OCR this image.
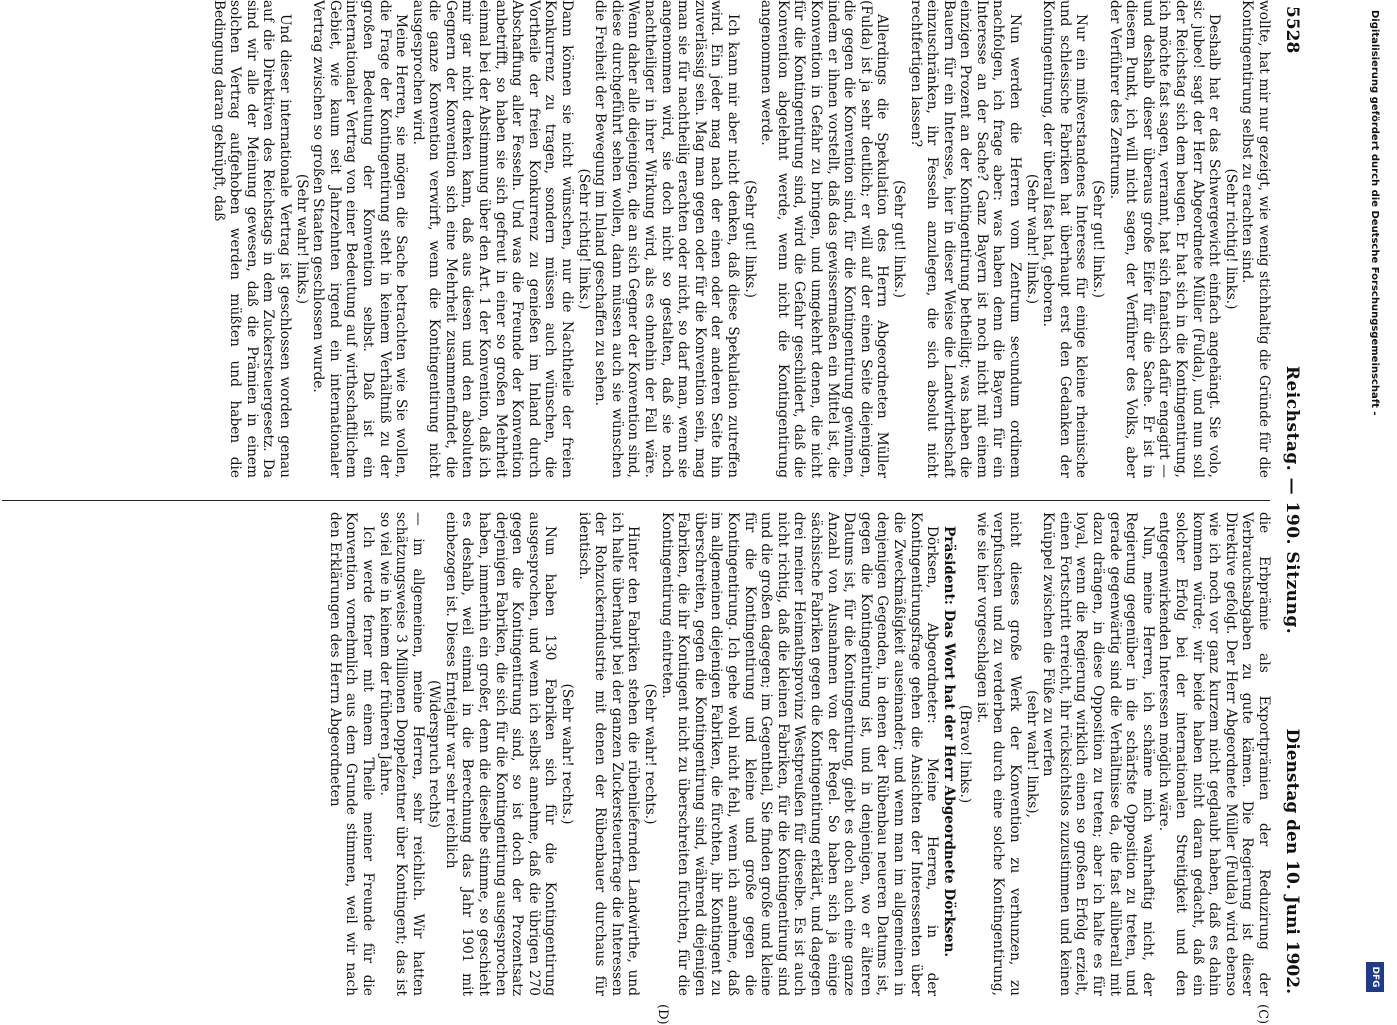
5528
Reichstag. — 190. Sitzung.
Dienstag den 10. Juni 1902.
(C)
(D)

wollte, hat mir nur gezeigt, wie wenig stichhaltig die Gründe für die Kontingentirung selbst zu erachten sind.

(Sehr richtig! links.)

Deshalb hat er das Schwergewicht einfach angehängt. Sie volo, sic jubeo! sagt der Herr Abgeordnete Müller (Fulda), und nun soll der Reichstag sich dem beugen. Er hat sich in die Kontingentirung, ich möchte fast sagen, verrannt, hat sich fanatisch dafür engagirt — und deshalb dieser überaus große Eifer für die Sache. Er ist in diesem Punkt, ich will nicht sagen, der Verführer des Volks, aber der Verführer des Zentrums.

(Sehr gut! links.)

Nur ein mißverstandenes Interesse für einige kleine rheinische und schlesische Fabriken hat überhaupt erst den Gedanken der Kontingentirung, der überall fast hat, geboren.

(Sehr wahr! links.)

Nun werden die Herren vom Zentrum secundum ordinem nachfolgen, ich frage aber: was haben denn die Bayern für ein Interesse an der Sache? Ganz Bayern ist noch nicht mit einem einzigen Prozent an der Kontingentirung betheiligt; was haben die Bauern für ein Interesse, hier in dieser Weise die Landwirthschaft einzuschränken, ihr Fesseln anzulegen, die sich absolut nicht rechtfertigen lassen?

(Sehr gut! links.)

Allerdings die Spekulation des Herrn Abgeordneten Müller (Fulda) ist ja sehr deutlich; er will auf der einen Seite diejenigen, die gegen die Konvention sind, für die Kontingentirung gewinnen, indem er ihnen vorstellt, daß das gewissermaßen ein Mittel ist, die Konvention in Gefahr zu bringen, und umgekehrt denen, die nicht für die Kontingentirung sind, wird die Gefahr geschildert, daß die Konvention abgelehnt werde, wenn nicht die Kontingentirung angenommen werde.

(Sehr gut! links.)

Ich kann mir aber nicht denken, daß diese Spekulation zutreffen wird. Ein jeder mag nach der einen oder der anderen Seite hin zuverlässig sein. Mag man gegen oder für die Konvention sein, mag man sie für nachtheilig erachten oder nicht, so darf man, wenn sie angenommen wird, sie doch nicht so gestalten, daß sie noch nachtheiliger in ihrer Wirkung wird, als es ohnehin der Fall wäre. Wenn daher alle diejenigen, die an sich Gegner der Konvention sind, diese durchgeführt sehen wollen, dann müssen auch sie wünschen die Freiheit der Bewegung im Inland geschaffen zu sehen.

(Sehr richtig! links.)

Dann können sie nicht wünschen, nur die Nachtheile der freien Konkurrenz zu tragen, sondern müssen auch wünschen, die Vortheile der freien Konkurrenz zu genießen im Inland durch Abschaffung aller Fesseln. Und was die Freunde der Konvention anbetrifft, so haben sie sich gefreut in einer so großen Mehrheit einmal bei der Abstimmung über den Art. 1 der Konvention, daß ich mir gar nicht denken kann, daß aus diesen und den absoluten Gegnern der Konvention sich eine Mehrheit zusammenfindet, die die ganze Konvention verwirft, wenn die Kontingentirung nicht ausgesprochen wird.

Meine Herren, sie mögen die Sache betrachten wie Sie wollen, die Frage der Kontingentirung steht in keinem Verhältniß zu der großen Bedeutung der Konvention selbst. Daß ist ein internationaler Vertrag von einer Bedeutung auf wirthschaftlichem Gebiet, wie kaum seit Jahrzehnten irgend ein internationaler Vertrag zwischen so großen Staaten geschlossen wurde.

(Sehr wahr! links.)

Und dieser internationale Vertrag ist geschlossen worden genau auf die Direktiven des Reichstags in dem Zuckersteuergesetz. Da sind wir alle der Meinung gewesen, daß die Prämien in einem solchen Vertrag aufgehoben werden müßten und haben die Bedingung daran geknüpft, daß

die Erbprämie als Exportprämien der Reduzirung der Verbrauchsabgaben zu gute kämen. Die Regierung ist dieser Direktive gefolgt. Der Herr Abgeordnete Müller (Fulda) wird ebenso wie ich noch vor ganz kurzem nicht geglaubt haben, daß es dahin kommen würde; wir beide haben nicht daran gedacht, daß ein solcher Erfolg bei der internationalen Streitigkeit und den entgegenwirkenden Interessen möglich wäre.

Nun, meine Herren, ich schäme mich wahrhaftig nicht, der Regierung gegenüber in die schärfste Opposition zu treten, und gerade gegenwärtig sind die Verhältnisse da, die fast allüberall mit dazu drängen, in diese Opposition zu treten; aber ich halte es für loyal, wenn die Regierung wirklich einen so großen Erfolg erzielt, einen Fortschritt erreicht, ihr rücksichtslos zuzustimmen und keinen Knüppel zwischen die Füße zu werfen

(sehr wahr! links),

nicht dieses große Werk der Konvention zu verhunzen, zu verpfuschen und zu verderben durch eine solche Kontingentirung, wie sie hier vorgeschlagen ist.

(Bravo! links.)

Präsident: Das Wort hat der Herr Abgeordnete Dörksen.

Dörksen, Abgeordneter: Meine Herren, in der Kontingentirungsfrage gehen die Ansichten der Interessenten über die Zweckmäßigkeit auseinander; und wenn man im allgemeinen in denjenigen Gegenden, in denen der Rübenbau neueren Datums ist, gegen die Kontingentirung ist, und in denjenigen, wo er älteren Datums ist, für die Kontingentirung, giebt es doch auch eine ganze Anzahl von Ausnahmen von der Regel. So haben sich ja einige sächsische Fabriken gegen die Kontingentirung erklärt, und dagegen drei meiner Heimathsprovinz Westpreußen für dieselbe. Es ist auch nicht richtig, daß die kleinen Fabriken, für die Kontingentirung sind und die großen dagegen; im Gegentheil, Sie finden große und kleine für die Kontingentirung und kleine und große gegen die Kontingentirung. Ich gehe wohl nicht fehl, wenn ich annehme, daß im allgemeinen diejenigen Fabriken, die fürchten, ihr Kontingent zu überschreiten, gegen die Kontingentirung sind, während diejenigen Fabriken, die ihr Kontingent nicht zu überschreiten fürchten, für die Kontingentirung eintreten.

(Sehr wahr! rechts.)

Hinter den Fabriken stehen die rübenliefernden Landwirthe, und ich halte überhaupt bei der ganzen Zuckersteuerfrage die Interessen der Rohzuckerindustrie mit denen der Rübenbauer durchaus für identisch.

(Sehr wahr! rechts.)

Nun haben 130 Fabriken sich für die Kontingentirung ausgesprochen, und wenn ich selbst annehme, daß die übrigen 270 gegen die Kontingentirung sind, so ist doch der Prozentsatz derjenigen Fabriken, die sich für die Kontingentirung ausgesprochen haben, immerhin ein großer, denn die dieselbe stimme, so geschieht es deshalb, weil einmal in die Berechnung das Jahr 1901 mit einbezogen ist. Dieses Erntejahr war sehr reichlich

(Widerspruch rechts)

— im allgemeinen, meine Herren, sehr reichlich. Wir hatten schätzungsweise 3 Millionen Doppelzentner über Kontingent; das ist so viel wie in keinem der früheren Jahre.

Ich werde ferner mit einem Theile meiner Freunde für die Konvention vornehmlich aus dem Grunde stimmen, weil wir nach den Erklärungen des Herrn Abgeordneten

Digitalisierung gefördert durch die Deutsche Forschungsgemeinschaft -
DFG
